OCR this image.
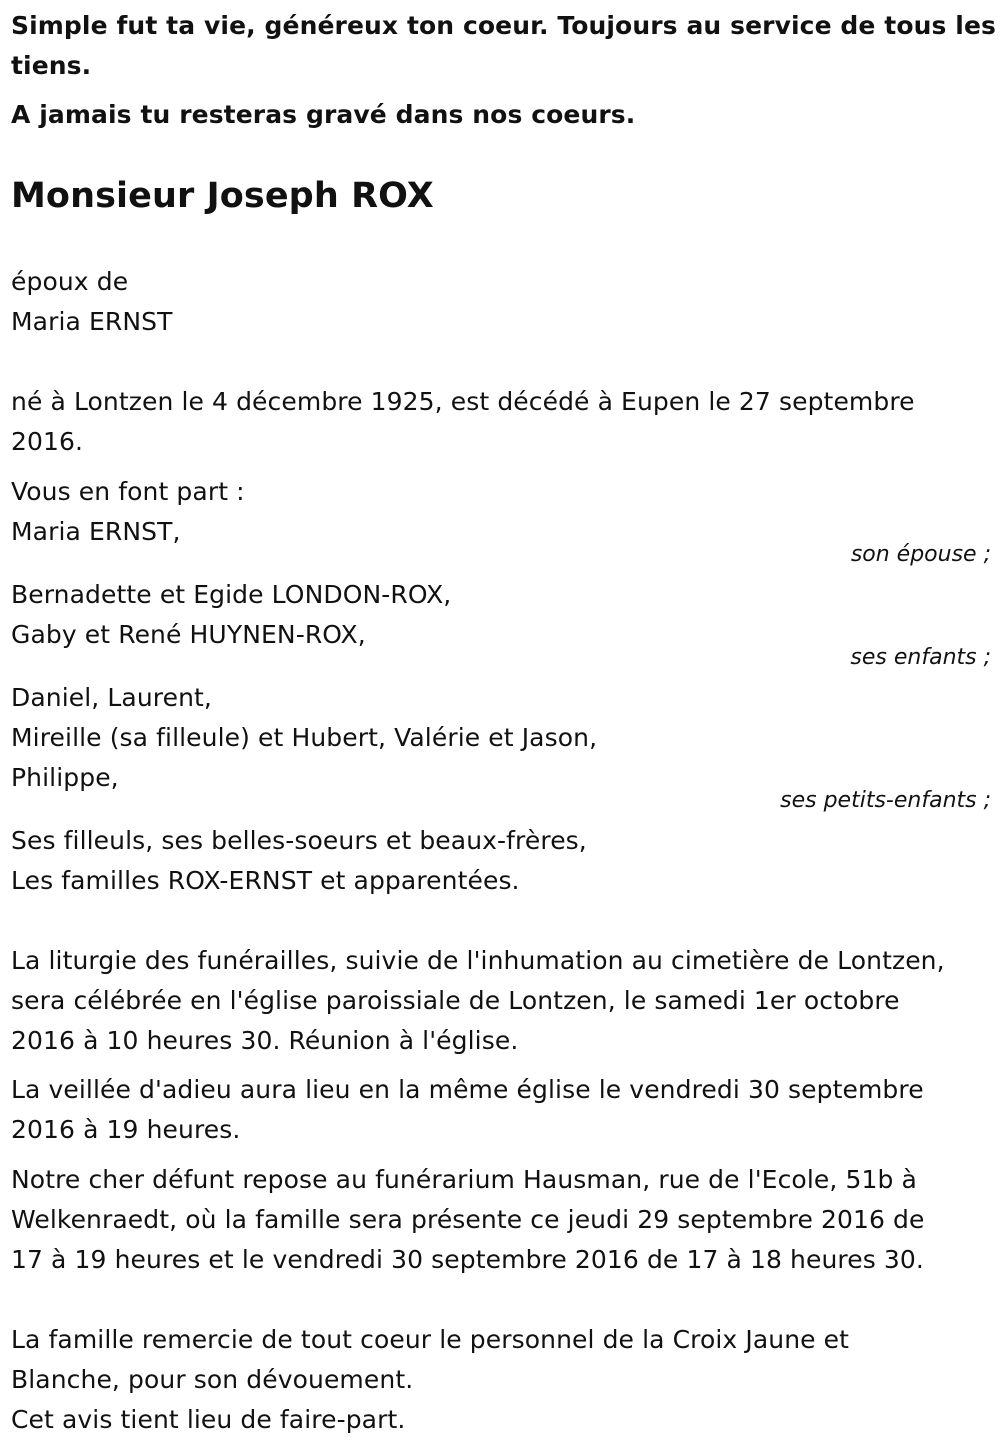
Simple fut ta vie, généreux ton coeur. Toujours au service de tous les
tiens.
A jamais tu resteras gravé dans nos coeurs.
Monsieur Joseph ROX
époux de
Maria ERNST
né à Lontzen le 4 décembre 1925, est décédé à Eupen le 27 septembre
2016.
Vous en font part :
Maria ERNST,
son épouse ;
Bernadette et Egide LONDON-ROX,
Gaby et René HUYNEN-ROX,
ses enfants ;
Daniel, Laurent,
Mireille (sa filleule) et Hubert, Valérie et Jason,
Philippe,
ses petits-enfants ;
Ses filleuls, ses belles-soeurs et beaux-frères,
Les familles ROX-ERNST et apparentées.
La liturgie des funérailles, suivie de l'inhumation au cimetière de Lontzen,
sera célébrée en l'église paroissiale de Lontzen, le samedi 1er octobre
2016 à 10 heures 30. Réunion à l'église.
La veillée d'adieu aura lieu en la même église le vendredi 30 septembre
2016 à 19 heures.
Notre cher défunt repose au funérarium Hausman, rue de l'Ecole, 51b à
Welkenraedt, où la famille sera présente ce jeudi 29 septembre 2016 de
17 à 19 heures et le vendredi 30 septembre 2016 de 17 à 18 heures 30.
La famille remercie de tout coeur le personnel de la Croix Jaune et
Blanche, pour son dévouement.
Cet avis tient lieu de faire-part.
